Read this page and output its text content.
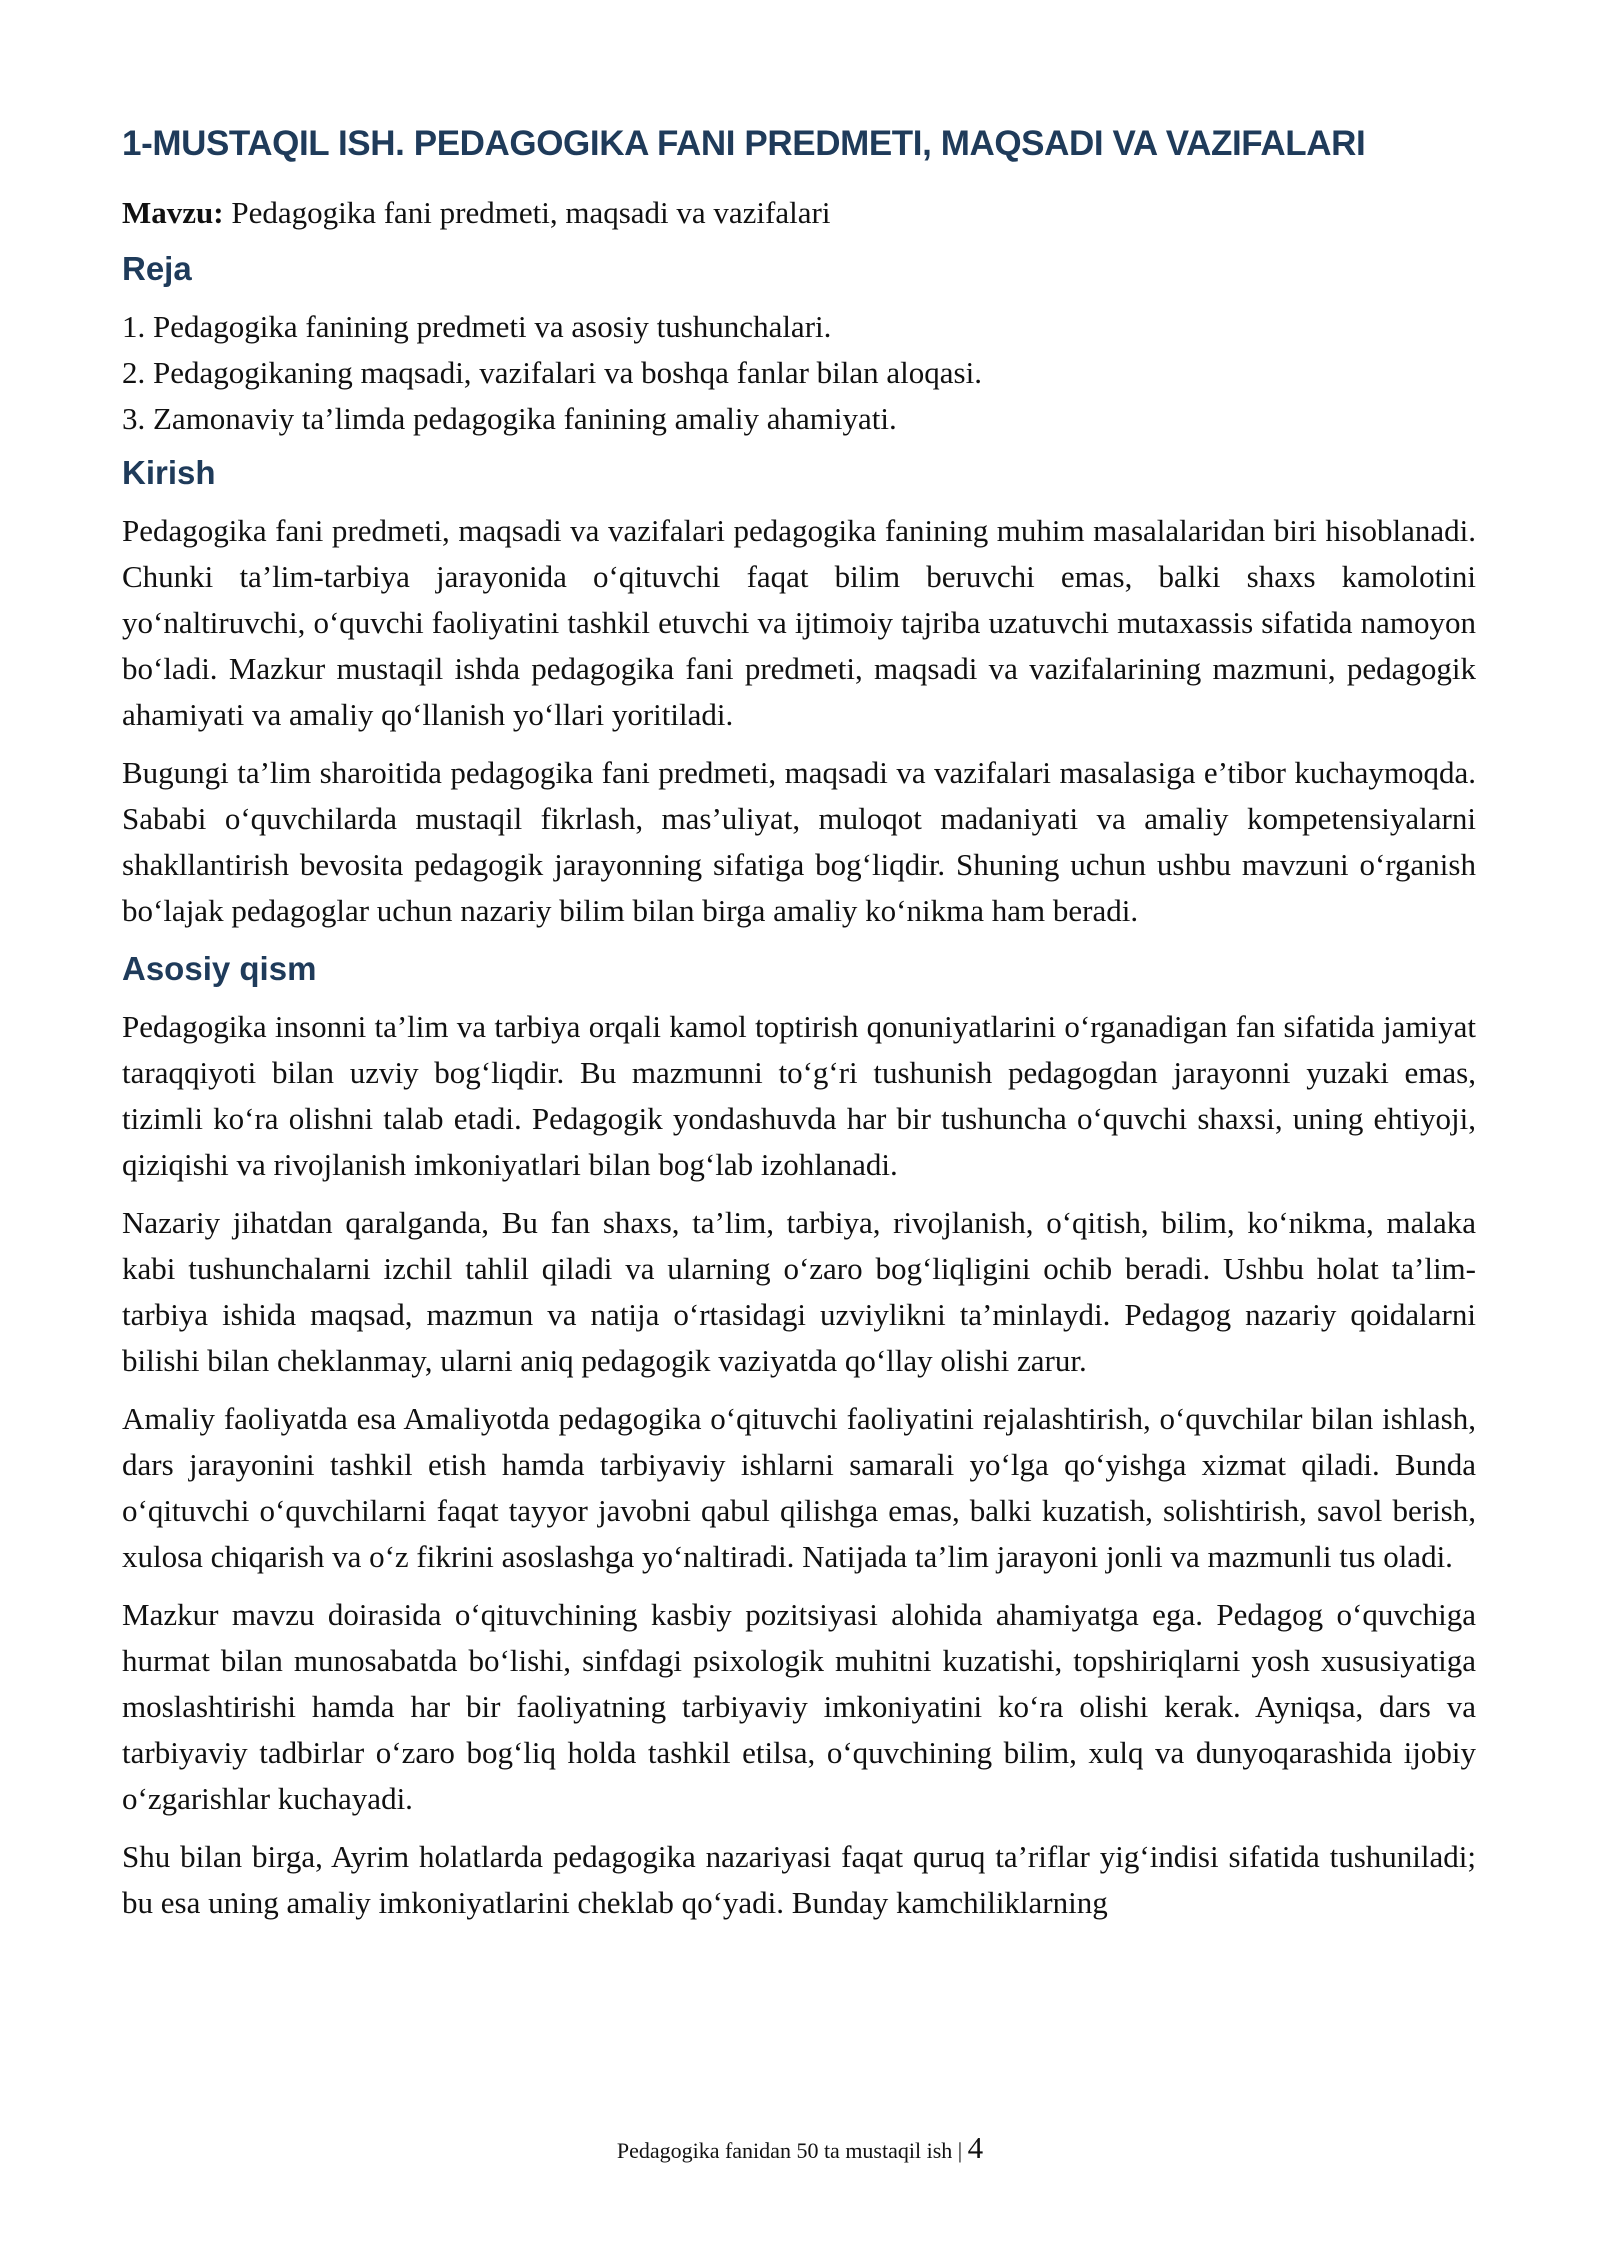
1-MUSTAQIL ISH. PEDAGOGIKA FANI PREDMETI, MAQSADI VA VAZIFALARI
Mavzu: Pedagogika fani predmeti, maqsadi va vazifalari
Reja
1. Pedagogika fanining predmeti va asosiy tushunchalari.
2. Pedagogikaning maqsadi, vazifalari va boshqa fanlar bilan aloqasi.
3. Zamonaviy ta’limda pedagogika fanining amaliy ahamiyati.
Kirish

Pedagogika fani predmeti, maqsadi va vazifalari pedagogika fanining muhim masalalaridan biri hisoblanadi. Chunki ta’lim-tarbiya jarayonida o‘qituvchi faqat bilim beruvchi emas, balki shaxs kamolotini yo‘naltiruvchi, o‘quvchi faoliyatini tashkil etuvchi va ijtimoiy tajriba uzatuvchi mutaxassis sifatida namoyon bo‘ladi. Mazkur mustaqil ishda pedagogika fani predmeti, maqsadi va vazifalarining mazmuni, pedagogik ahamiyati va amaliy qo‘llanish yo‘llari yoritiladi.

Bugungi ta’lim sharoitida pedagogika fani predmeti, maqsadi va vazifalari masalasiga e’tibor kuchaymoqda. Sababi o‘quvchilarda mustaqil fikrlash, mas’uliyat, muloqot madaniyati va amaliy kompetensiyalarni shakllantirish bevosita pedagogik jarayonning sifatiga bog‘liqdir. Shuning uchun ushbu mavzuni o‘rganish bo‘lajak pedagoglar uchun nazariy bilim bilan birga amaliy ko‘nikma ham beradi.

Asosiy qism

Pedagogika insonni ta’lim va tarbiya orqali kamol toptirish qonuniyatlarini o‘rganadigan fan sifatida jamiyat taraqqiyoti bilan uzviy bog‘liqdir. Bu mazmunni to‘g‘ri tushunish pedagogdan jarayonni yuzaki emas, tizimli ko‘ra olishni talab etadi. Pedagogik yondashuvda har bir tushuncha o‘quvchi shaxsi, uning ehtiyoji, qiziqishi va rivojlanish imkoniyatlari bilan bog‘lab izohlanadi.

Nazariy jihatdan qaralganda, Bu fan shaxs, ta’lim, tarbiya, rivojlanish, o‘qitish, bilim, ko‘nikma, malaka kabi tushunchalarni izchil tahlil qiladi va ularning o‘zaro bog‘liqligini ochib beradi. Ushbu holat ta’lim-tarbiya ishida maqsad, mazmun va natija o‘rtasidagi uzviylikni ta’minlaydi. Pedagog nazariy qoidalarni bilishi bilan cheklanmay, ularni aniq pedagogik vaziyatda qo‘llay olishi zarur.

Amaliy faoliyatda esa Amaliyotda pedagogika o‘qituvchi faoliyatini rejalashtirish, o‘quvchilar bilan ishlash, dars jarayonini tashkil etish hamda tarbiyaviy ishlarni samarali yo‘lga qo‘yishga xizmat qiladi. Bunda o‘qituvchi o‘quvchilarni faqat tayyor javobni qabul qilishga emas, balki kuzatish, solishtirish, savol berish, xulosa chiqarish va o‘z fikrini asoslashga yo‘naltiradi. Natijada ta’lim jarayoni jonli va mazmunli tus oladi.

Mazkur mavzu doirasida o‘qituvchining kasbiy pozitsiyasi alohida ahamiyatga ega. Pedagog o‘quvchiga hurmat bilan munosabatda bo‘lishi, sinfdagi psixologik muhitni kuzatishi, topshiriqlarni yosh xususiyatiga moslashtirishi hamda har bir faoliyatning tarbiyaviy imkoniyatini ko‘ra olishi kerak. Ayniqsa, dars va tarbiyaviy tadbirlar o‘zaro bog‘liq holda tashkil etilsa, o‘quvchining bilim, xulq va dunyoqarashida ijobiy o‘zgarishlar kuchayadi.

Shu bilan birga, Ayrim holatlarda pedagogika nazariyasi faqat quruq ta’riflar yig‘indisi sifatida tushuniladi; bu esa uning amaliy imkoniyatlarini cheklab qo‘yadi. Bunday kamchiliklarning

Pedagogika fanidan 50 ta mustaqil ish | 4
